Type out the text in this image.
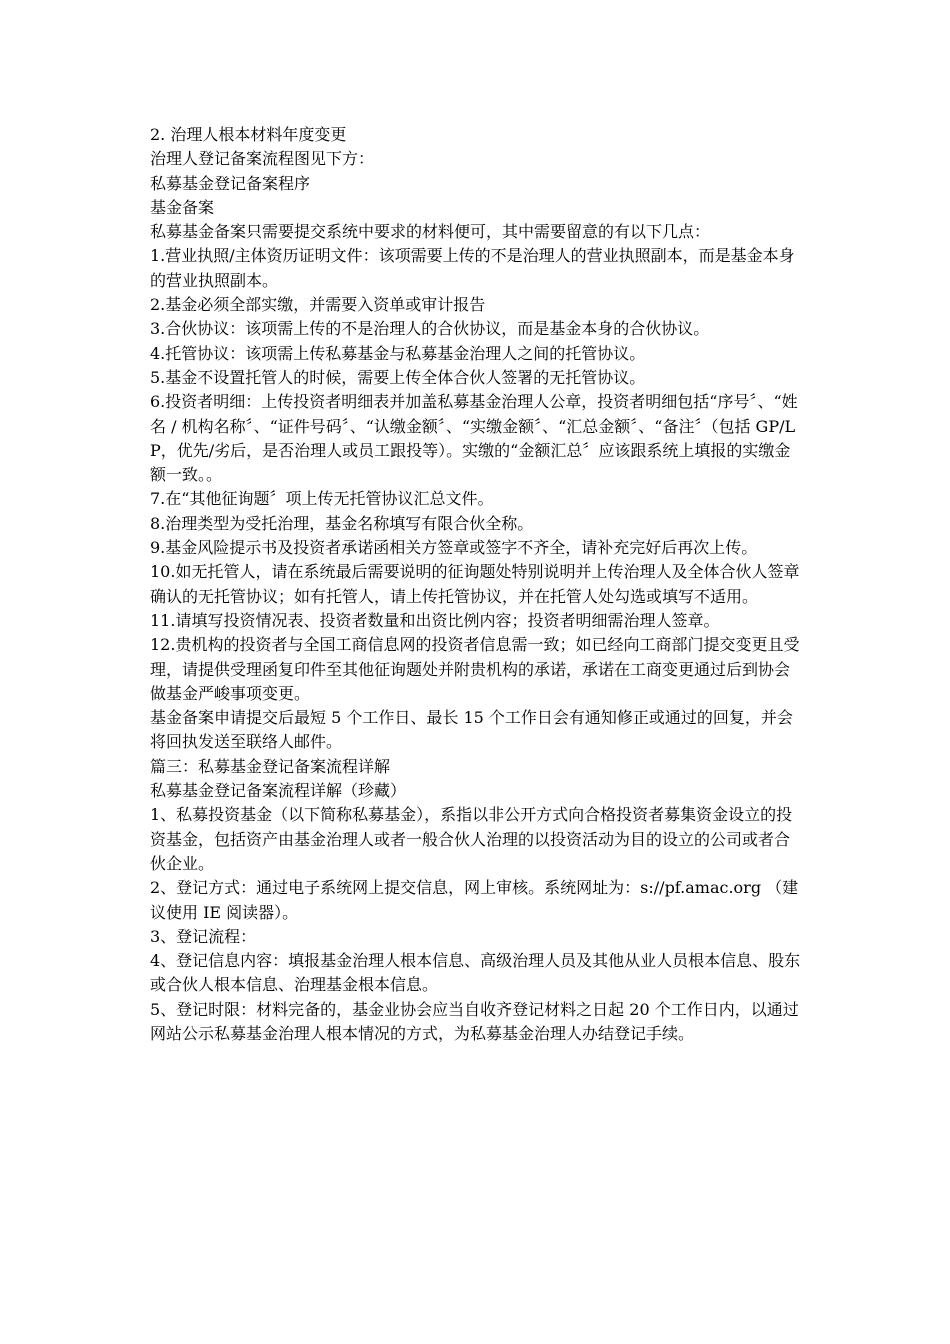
2. 治理人根本材料年度变更

治理人登记备案流程图见下方：

私募基金登记备案程序

基金备案

私募基金备案只需要提交系统中要求的材料便可，其中需要留意的有以下几点：

1.营业执照/主体资历证明文件：该项需要上传的不是治理人的营业执照副本，而是基金本身的营业执照副本。

2.基金必须全部实缴，并需要入资单或审计报告

3.合伙协议：该项需上传的不是治理人的合伙协议，而是基金本身的合伙协议。

4.托管协议：该项需上传私募基金与私募基金治理人之间的托管协议。

5.基金不设置托管人的时候，需要上传全体合伙人签署的无托管协议。

6.投资者明细：上传投资者明细表并加盖私募基金治理人公章，投资者明细包括“序号〞、“姓名 / 机构名称〞、“证件号码〞、“认缴金额〞、“实缴金额〞、“汇总金额〞、“备注〞（包括 GP/LP，优先/劣后，是否治理人或员工跟投等）。实缴的“金额汇总〞应该跟系统上填报的实缴金额一致。。

7.在“其他征询题〞项上传无托管协议汇总文件。

8.治理类型为受托治理，基金名称填写有限合伙全称。

9.基金风险提示书及投资者承诺函相关方签章或签字不齐全，请补充完好后再次上传。

10.如无托管人，请在系统最后需要说明的征询题处特别说明并上传治理人及全体合伙人签章确认的无托管协议；如有托管人，请上传托管协议，并在托管人处勾选或填写不适用。

11.请填写投资情况表、投资者数量和出资比例内容；投资者明细需治理人签章。

12.贵机构的投资者与全国工商信息网的投资者信息需一致；如已经向工商部门提交变更且受理，请提供受理函复印件至其他征询题处并附贵机构的承诺，承诺在工商变更通过后到协会做基金严峻事项变更。

基金备案申请提交后最短 5 个工作日、最长 15 个工作日会有通知修正或通过的回复，并会将回执发送至联络人邮件。

篇三：私募基金登记备案流程详解

私募基金登记备案流程详解（珍藏）

1、私募投资基金（以下简称私募基金），系指以非公开方式向合格投资者募集资金设立的投资基金，包括资产由基金治理人或者一般合伙人治理的以投资活动为目的设立的公司或者合伙企业。

2、登记方式：通过电子系统网上提交信息，网上审核。系统网址为：s://pf.amac.org （建议使用 IE 阅读器）。

3、登记流程：

4、登记信息内容：填报基金治理人根本信息、高级治理人员及其他从业人员根本信息、股东或合伙人根本信息、治理基金根本信息。

5、登记时限：材料完备的，基金业协会应当自收齐登记材料之日起 20 个工作日内，以通过网站公示私募基金治理人根本情况的方式，为私募基金治理人办结登记手续。
